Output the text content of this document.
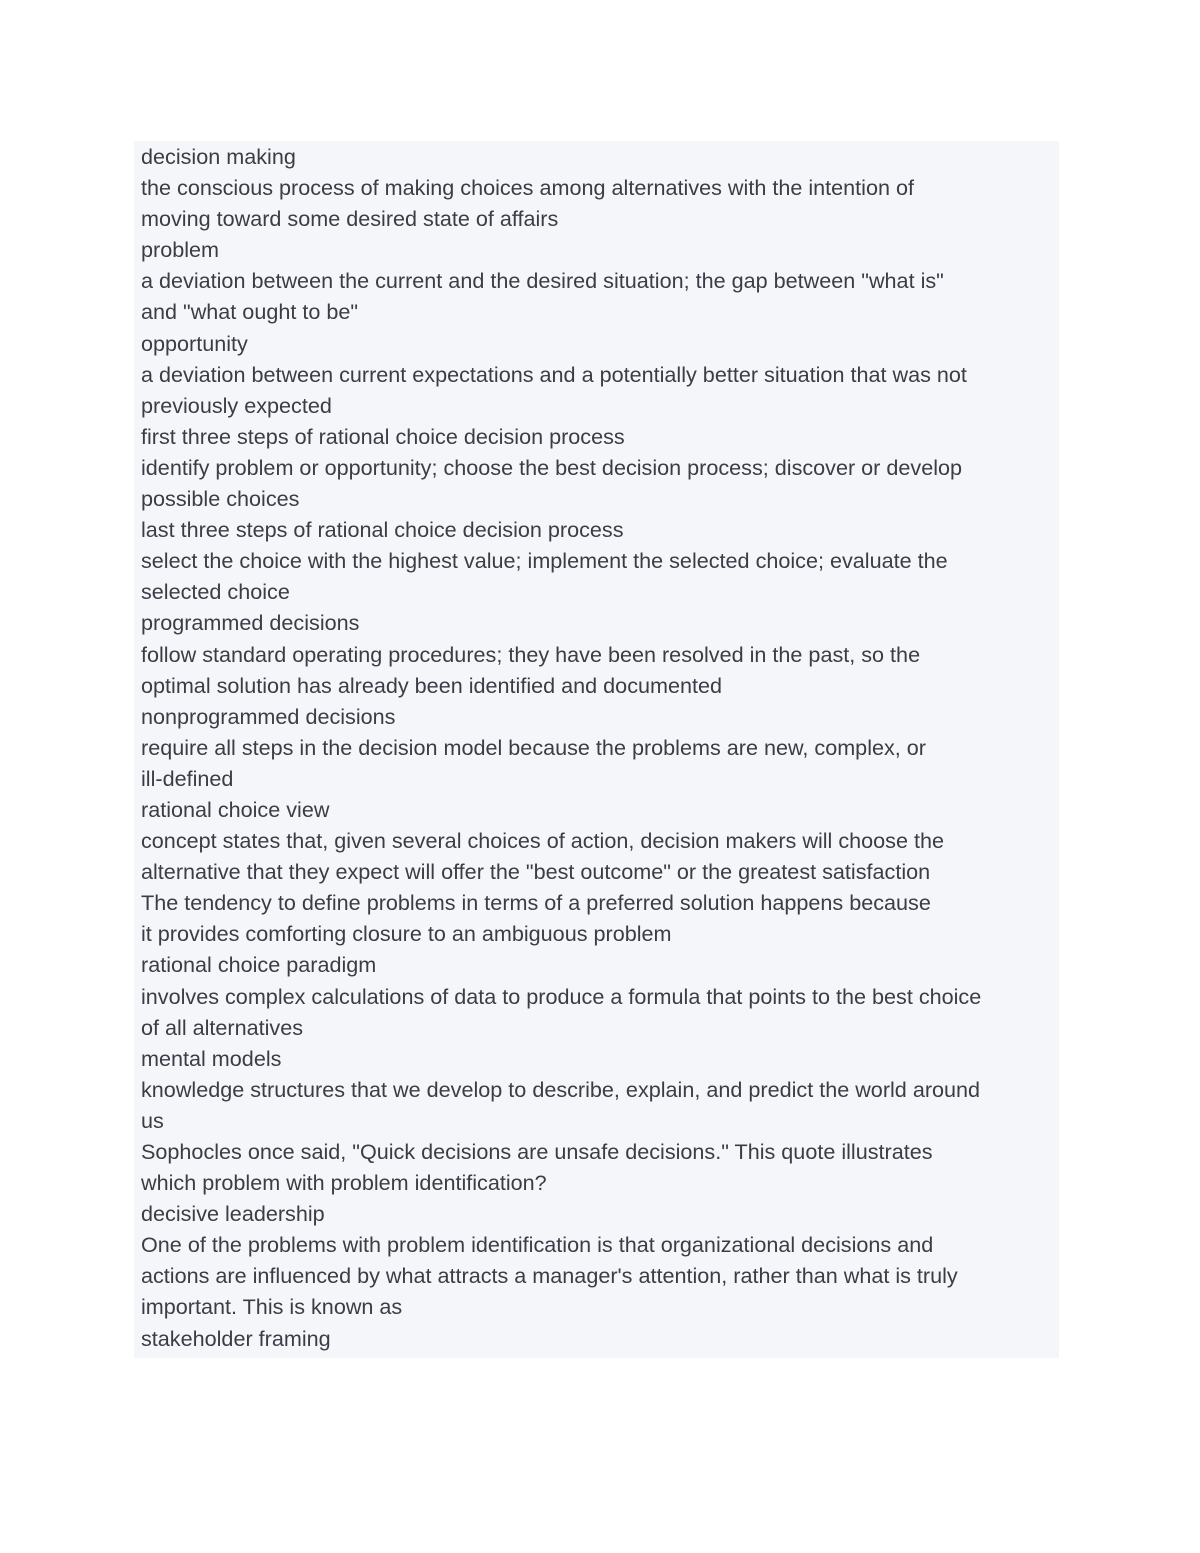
decision making
the conscious process of making choices among alternatives with the intention of
moving toward some desired state of affairs
problem
a deviation between the current and the desired situation; the gap between "what is"
and "what ought to be"
opportunity
a deviation between current expectations and a potentially better situation that was not
previously expected
first three steps of rational choice decision process
identify problem or opportunity; choose the best decision process; discover or develop
possible choices
last three steps of rational choice decision process
select the choice with the highest value; implement the selected choice; evaluate the
selected choice
programmed decisions
follow standard operating procedures; they have been resolved in the past, so the
optimal solution has already been identified and documented
nonprogrammed decisions
require all steps in the decision model because the problems are new, complex, or
ill-defined
rational choice view
concept states that, given several choices of action, decision makers will choose the
alternative that they expect will offer the "best outcome" or the greatest satisfaction
The tendency to define problems in terms of a preferred solution happens because
it provides comforting closure to an ambiguous problem
rational choice paradigm
involves complex calculations of data to produce a formula that points to the best choice
of all alternatives
mental models
knowledge structures that we develop to describe, explain, and predict the world around
us
Sophocles once said, "Quick decisions are unsafe decisions." This quote illustrates
which problem with problem identification?
decisive leadership
One of the problems with problem identification is that organizational decisions and
actions are influenced by what attracts a manager's attention, rather than what is truly
important. This is known as
stakeholder framing
